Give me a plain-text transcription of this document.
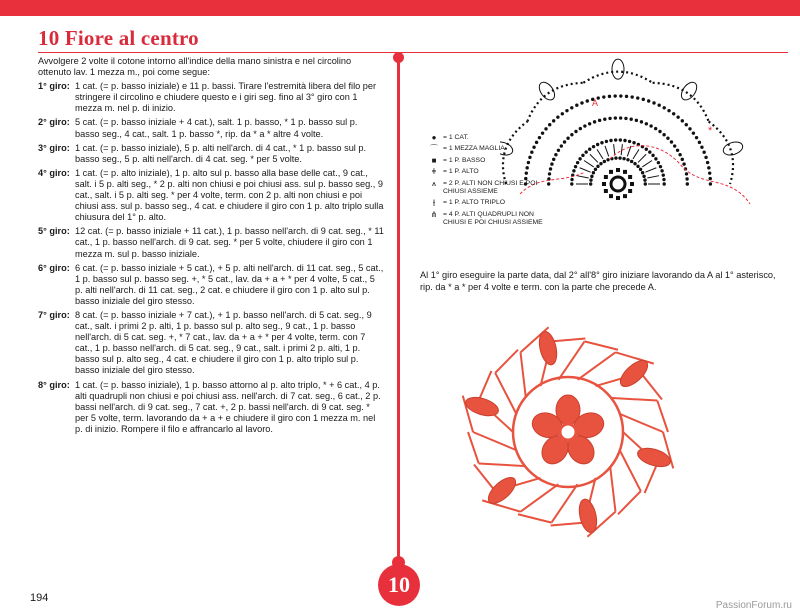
10 Fiore al centro

Avvolgere 2 volte il cotone intorno all'indice della mano sinistra e nel circolino ottenuto lav. 1 mezza m., poi come segue:

1° giro: 1 cat. (= p. basso iniziale) e 11 p. bassi. Tirare l'estremità libera del filo per stringere il circolino e chiudere questo e i giri seg. fino al 3° giro con 1 mezza m. nel p. di inizio.
2° giro: 5 cat. (= p. basso iniziale + 4 cat.), salt. 1 p. basso, * 1 p. basso sul p. basso seg., 4 cat., salt. 1 p. basso *, rip. da * a * altre 4 volte.
3° giro: 1 cat. (= p. basso iniziale), 5 p. alti nell'arch. di 4 cat., * 1 p. basso sul p. basso seg., 5 p. alti nell'arch. di 4 cat. seg. * per 5 volte.
4° giro: 1 cat. (= p. alto iniziale), 1 p. alto sul p. basso alla base delle cat., 9 cat., salt. i 5 p. alti seg., * 2 p. alti non chiusi e poi chiusi ass. sul p. basso seg., 9 cat., salt. i 5 p. alti seg. * per 4 volte, term. con 2 p. alti non chiusi e poi chiusi ass. sul p. basso seg., 4 cat. e chiudere il giro con 1 p. alto triplo sulla chiusura del 1° p. alto.
5° giro: 12 cat. (= p. basso iniziale + 11 cat.), 1 p. basso nell'arch. di 9 cat. seg., * 11 cat., 1 p. basso nell'arch. di 9 cat. seg. * per 5 volte, chiudere il giro con 1 mezza m. sul p. basso iniziale.
6° giro: 6 cat. (= p. basso iniziale + 5 cat.), + 5 p. alti nell'arch. di 11 cat. seg., 5 cat., 1 p. basso sul p. basso seg. +, * 5 cat., lav. da + a + * per 4 volte, 5 cat., 5 p. alti nell'arch. di 11 cat. seg., 2 cat. e chiudere il giro con 1 p. alto sul p. basso iniziale del giro stesso.
7° giro: 8 cat. (= p. basso iniziale + 7 cat.), + 1 p. basso nell'arch. di 5 cat. seg., 9 cat., salt. i primi 2 p. alti, 1 p. basso sul p. alto seg., 9 cat., 1 p. basso nell'arch. di 5 cat. seg. +, * 7 cat., lav. da + a + * per 4 volte, term. con 7 cat., 1 p. basso nell'arch. di 5 cat. seg., 9 cat., salt. i primi 2 p. alti, 1 p. basso sul p. alto seg., 4 cat. e chiudere il giro con 1 p. alto triplo sul p. basso iniziale del giro stesso.
8° giro: 1 cat. (= p. basso iniziale), 1 p. basso attorno al p. alto triplo, * + 6 cat., 4 p. alti quadrupli non chiusi e poi chiusi ass. nell'arch. di 7 cat. seg., 6 cat., 2 p. bassi nell'arch. di 9 cat. seg., 7 cat. +, 2 p. bassi nell'arch. di 9 cat. seg. * per 5 volte, term. lavorando da + a + e chiudere il giro con 1 mezza m. nel p. di inizio. Rompere il filo e affrancarlo al lavoro.
10
A
*
● = 1 CAT.
⌒ = 1 MEZZA MAGLIA
■ = 1 P. BASSO
ǂ = 1 P. ALTO
⩚ = 2 P. ALTI NON CHIUSI E POI CHIUSI ASSIEME
⫲	= 1 P. ALTO TRIPLO
⋔ = 4 P. ALTI QUADRUPLI NON CHIUSI E POI CHIUSI ASSIEME
Al 1° giro eseguire la parte data, dal 2° all'8° giro iniziare lavorando da A al 1° asterisco, rip. da * a * per 4 volte e term. con la parte che precede A.
194
PassionForum.ru
